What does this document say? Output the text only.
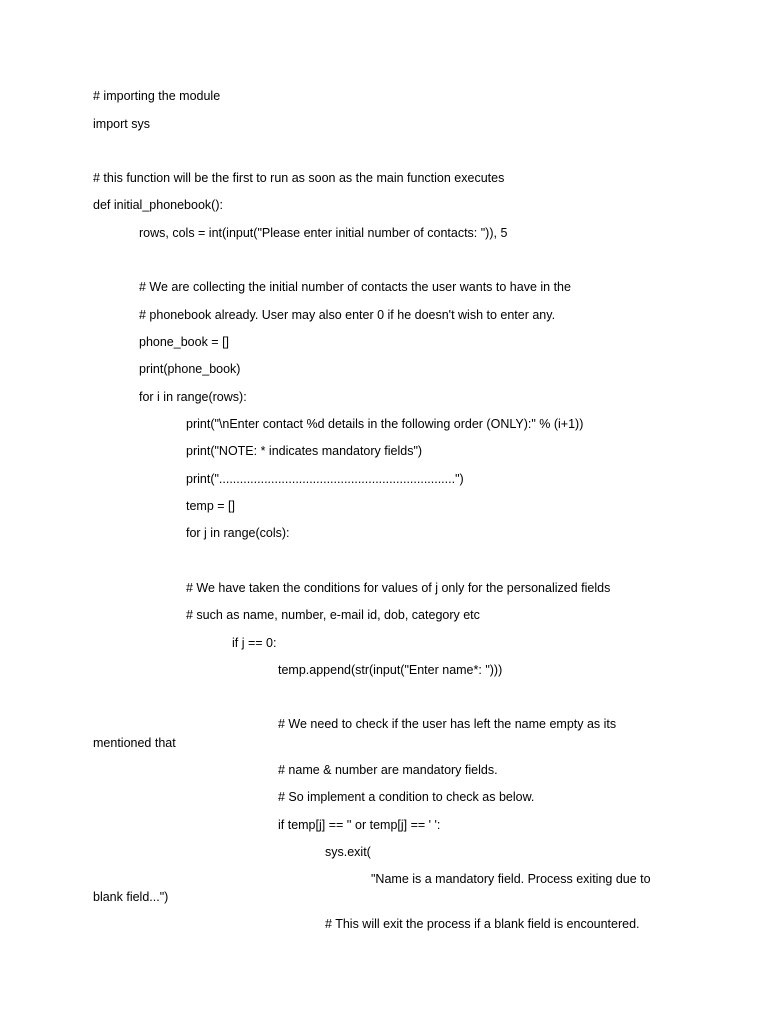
# importing the module
import sys
# this function will be the first to run as soon as the main function executes
def initial_phonebook():
rows, cols = int(input("Please enter initial number of contacts: ")), 5
# We are collecting the initial number of contacts the user wants to have in the
# phonebook already. User may also enter 0 if he doesn't wish to enter any.
phone_book = []
print(phone_book)
for i in range(rows):
print("\nEnter contact %d details in the following order (ONLY):" % (i+1))
print("NOTE: * indicates mandatory fields")
print("....................................................................")
temp = []
for j in range(cols):
# We have taken the conditions for values of j only for the personalized fields
# such as name, number, e-mail id, dob, category etc
if j == 0:
temp.append(str(input("Enter name*: ")))
# We need to check if the user has left the name empty as its
mentioned that
# name & number are mandatory fields.
# So implement a condition to check as below.
if temp[j] == '' or temp[j] == ' ':
sys.exit(
"Name is a mandatory field. Process exiting due to
blank field...")
# This will exit the process if a blank field is encountered.
